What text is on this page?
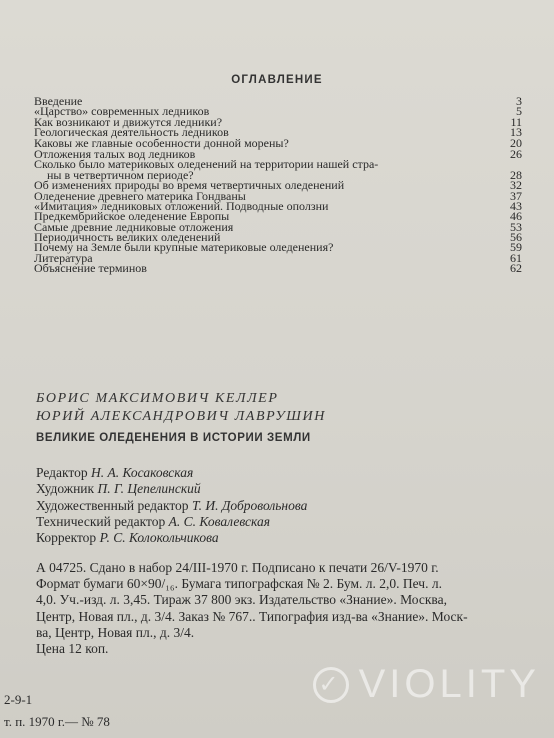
ОГЛАВЛЕНИЕ
Введение	3
«Царство» современных ледников	5
Как возникают и движутся ледники?	11
Геологическая деятельность ледников	13
Каковы же главные особенности донной морены?	20
Отложения талых вод ледников	26
Сколько было материковых оледенений на территории нашей стра-
ны в четвертичном периоде?	28
Об изменениях природы во время четвертичных оледенений	32
Оледенение древнего материка Гондваны	37
«Имитация» ледниковых отложений. Подводные оползни	43
Предкембрийское оледенение Европы	46
Самые древние ледниковые отложения	53
Периодичность великих оледенений	56
Почему на Земле были крупные материковые оледенения?	59
Литература	61
Объяснение терминов	62
БОРИС МАКСИМОВИЧ КЕЛЛЕР
ЮРИЙ АЛЕКСАНДРОВИЧ ЛАВРУШИН
ВЕЛИКИЕ ОЛЕДЕНЕНИЯ В ИСТОРИИ ЗЕМЛИ
Редактор Н. А. Косаковская
Художник П. Г. Цепелинский
Художественный редактор Т. И. Добровольнова
Технический редактор А. С. Ковалевская
Корректор Р. С. Колокольчикова
А 04725. Сдано в набор 24/III-1970 г. Подписано к печати 26/V-1970 г.
Формат бумаги 60×90/₁₆. Бумага типографская № 2. Бум. л. 2,0. Печ. л.
4,0. Уч.-изд. л. 3,45. Тираж 37 800 экз. Издательство «Знание». Москва,
Центр, Новая пл., д. 3/4. Заказ № 767.. Типография изд-ва «Знание». Моск-
ва, Центр, Новая пл., д. 3/4.
Цена 12 коп.
2-9-1
т. п. 1970 г.— № 78
✓ VIOLITY
